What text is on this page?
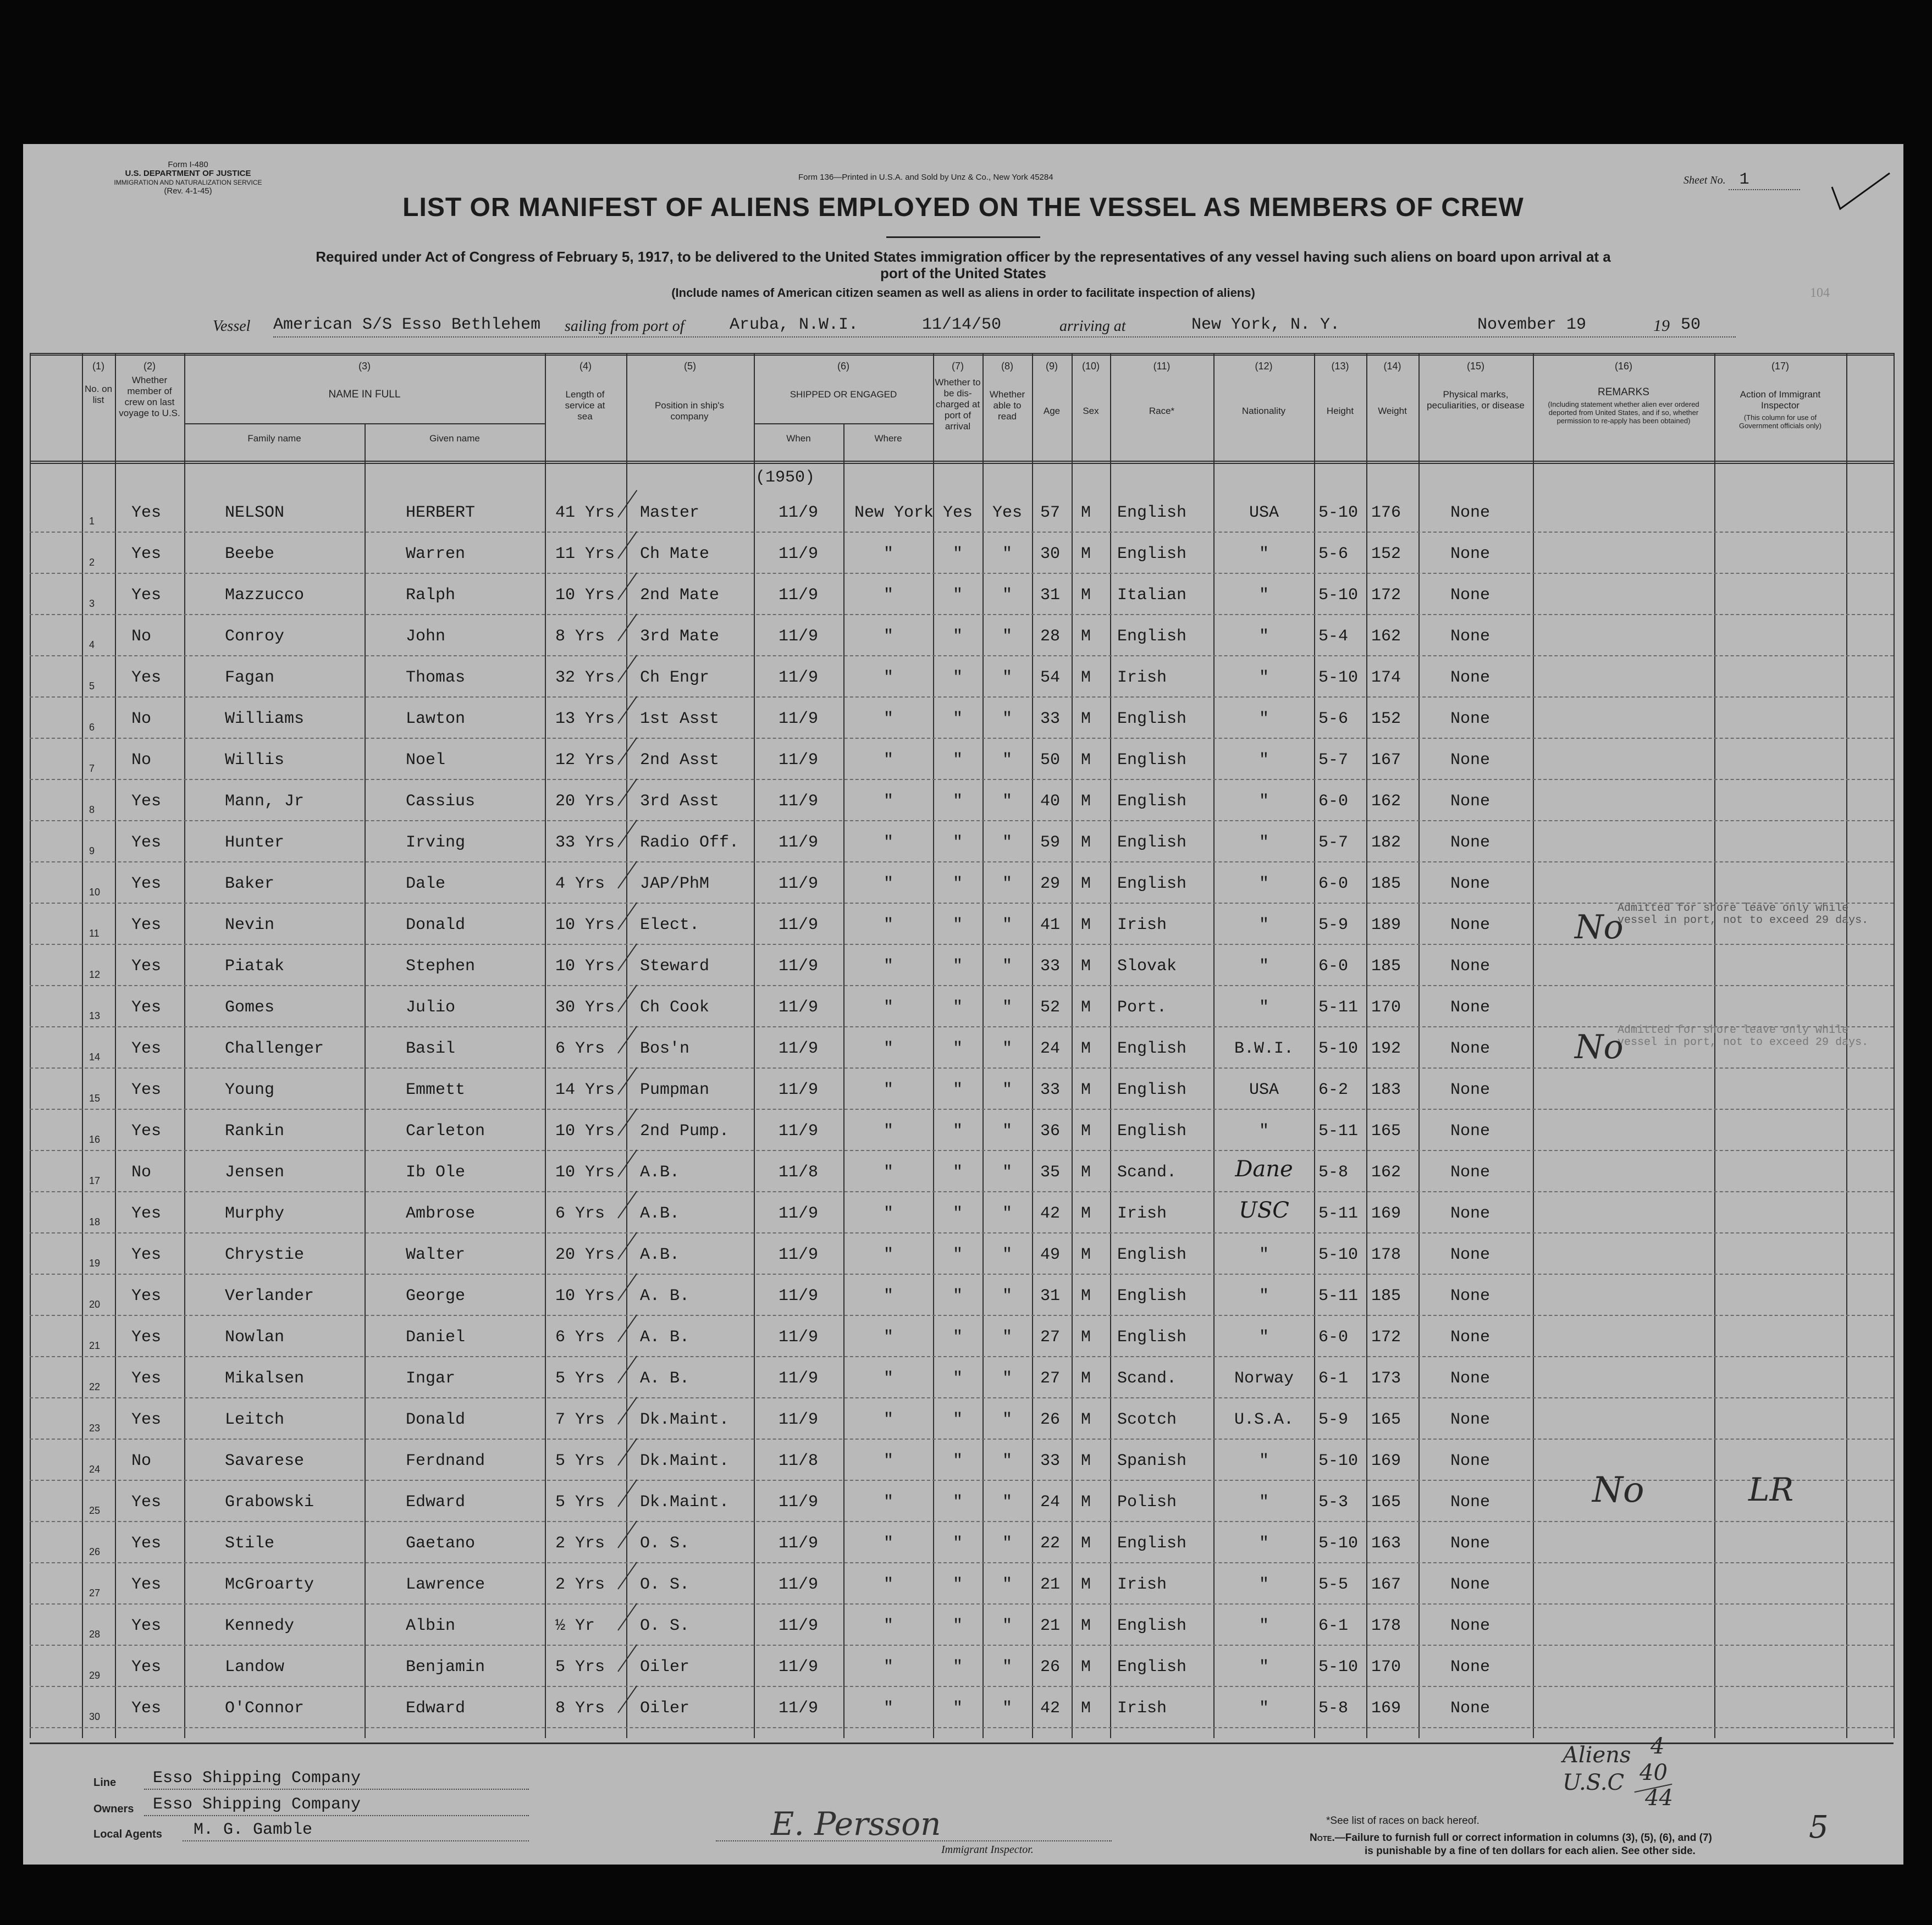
Form I-480
U.S. DEPARTMENT OF JUSTICE
IMMIGRATION AND NATURALIZATION SERVICE
(Rev. 4-1-45)
Form 136—Printed in U.S.A. and Sold by Unz & Co., New York 45284	Sheet No. 1
LIST OR MANIFEST OF ALIENS EMPLOYED ON THE VESSEL AS MEMBERS OF CREW
Required under Act of Congress of February 5, 1917, to be delivered to the United States immigration officer by the representatives of any vessel having such aliens on board upon arrival at a
port of the United States
(Include names of American citizen seamen as well as aliens in order to facilitate inspection of aliens)	104
Vessel American S/S Esso Bethlehem sailing from port of	Aruba, N.W.I.	11/14/50	arriving at	New York, N. Y.	November 19	19 50
(1)	(2)	(3)	(4)	(5)	(6)	(7)	(8)	(9)	(10)	(11)	(12)	(13)	(14)	(15)	(16)	(17)
No. on list
Whether member of crew on last voyage to U.S.
NAME IN FULL
Family name	Given name
Length of service at sea
Position in ship's company
SHIPPED OR ENGAGED
When	Where
Whether to be dis-charged at port of arrival
Whether able to read
Age	Sex	Race*	Nationality	Height	Weight
Physical marks, peculiarities, or disease
REMARKS
(Including statement whether alien ever ordered deported from United States, and if so, whether permission to re-apply has been obtained)
Action of Immigrant Inspector
(This column for use of Government officials only)
(1950)
1 Yes	NELSON	HERBERT	41 Yrs Master	11/9 New York Yes	Yes	57 M English	USA	5-10 176	None
2 Yes	Beebe	Warren	11 Yrs Ch Mate	11/9	"	"	"	30 M English	"	5-6 152	None
3 Yes	Mazzucco	Ralph	10 Yrs 2nd Mate	11/9	"	"	"	31 M Italian	"	5-10 172	None
4 No	Conroy	John	8 Yrs 3rd Mate	11/9	"	"	"	28 M English	"	5-4 162	None
5 Yes	Fagan	Thomas	32 Yrs Ch Engr	11/9	"	"	"	54 M Irish	"	5-10 174	None
6 No	Williams	Lawton	13 Yrs 1st Asst	11/9	"	"	"	33 M English	"	5-6 152	None
7 No	Willis	Noel	12 Yrs 2nd Asst	11/9	"	"	"	50 M English	"	5-7 167	None
8 Yes	Mann, Jr	Cassius	20 Yrs 3rd Asst	11/9	"	"	"	40 M English	"	6-0 162	None
9 Yes	Hunter	Irving	33 Yrs Radio Off. 11/9	"	"	"	59 M English	"	5-7 182	None
10 Yes	Baker	Dale	4 Yrs JAP/PhM	11/9	"	"	"	29 M English	"	6-0 185	None
11 Yes	Nevin	Donald	10 Yrs Elect.	11/9	"	"	"	41 M Irish	"	5-9 189	None
12 Yes	Piatak	Stephen	10 Yrs Steward	11/9	"	"	"	33 M Slovak	"	6-0 185	None
13 Yes	Gomes	Julio	30 Yrs Ch Cook	11/9	"	"	"	52 M Port.	"	5-11 170	None
14 Yes	Challenger	Basil	6 Yrs Bos'n	11/9	"	"	"	24 M English	B.W.I.	5-10 192	None
15 Yes	Young	Emmett	14 Yrs Pumpman	11/9	"	"	"	33 M English	USA	6-2 183	None
16 Yes	Rankin	Carleton	10 Yrs 2nd Pump.	11/9	"	"	"	36 M English	"	5-11 165	None
17 No	Jensen	Ib Ole	10 Yrs A.B.	11/8	"	"	"	35 M Scand.	Dane	5-8 162	None
18 Yes	Murphy	Ambrose	6 Yrs A.B.	11/9	"	"	"	42 M Irish	USC	5-11 169	None
19 Yes	Chrystie	Walter	20 Yrs A.B.	11/9	"	"	"	49 M English	"	5-10 178	None
20 Yes	Verlander	George	10 Yrs A. B.	11/9	"	"	"	31 M English	"	5-11 185	None
21 Yes	Nowlan	Daniel	6 Yrs A. B.	11/9	"	"	"	27 M English	"	6-0 172	None
22 Yes	Mikalsen	Ingar	5 Yrs A. B.	11/9	"	"	"	27 M Scand.	Norway	6-1 173	None
23 Yes	Leitch	Donald	7 Yrs Dk.Maint.	11/9	"	"	"	26 M Scotch	U.S.A.	5-9 165	None
24 No	Savarese	Ferdnand	5 Yrs Dk.Maint.	11/8	"	"	"	33 M Spanish	"	5-10 169	None
25 Yes	Grabowski	Edward	5 Yrs Dk.Maint.	11/9	"	"	"	24 M Polish	"	5-3 165	None
26 Yes	Stile	Gaetano	2 Yrs O. S.	11/9	"	"	"	22 M English	"	5-10 163	None
27 Yes	McGroarty	Lawrence	2 Yrs O. S.	11/9	"	"	"	21 M Irish	"	5-5 167	None
28 Yes	Kennedy	Albin	½ Yr	O. S.	11/9	"	"	"	21 M English	"	6-1 178	None
29 Yes	Landow	Benjamin	5 Yrs Oiler	11/9	"	"	"	26 M English	"	5-10 170	None
30 Yes	O'Connor	Edward	8 Yrs Oiler	11/9	"	"	"	42 M Irish	"	5-8 169	None
Admitted for shore leave only while vessel in port, not to exceed 29 days.
Admitted for shore leave only while vessel in port, not to exceed 29 days.
No
No
No	LR
Line Esso Shipping Company
Owners Esso Shipping Company
Local Agents M. G. Gamble	E. Persson
Immigrant Inspector.
Aliens 4
U.S.C 40
44
*See list of races on back hereof.
Note.—Failure to furnish full or correct information in columns (3), (5), (6), and (7)
is punishable by a fine of ten dollars for each alien. See other side.
5
